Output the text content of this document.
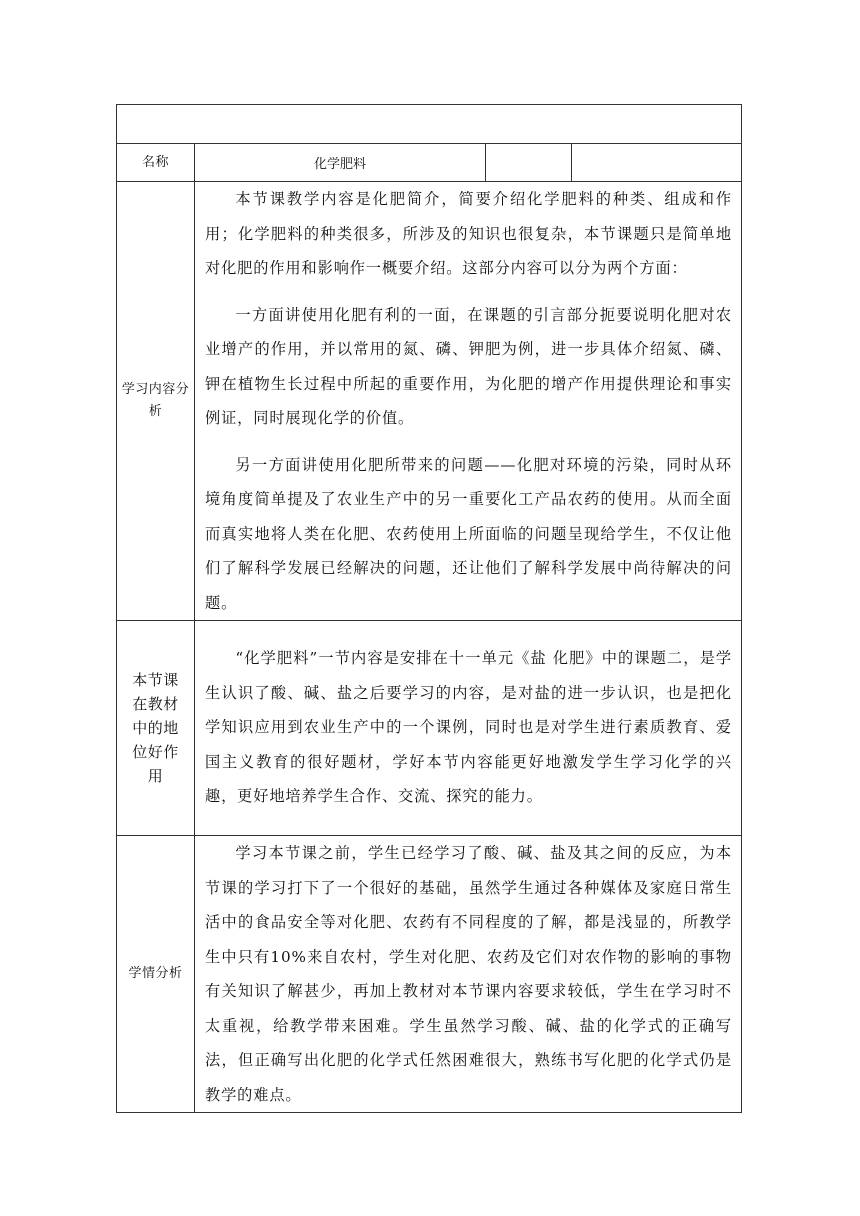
名称	化学肥料		
学习内容分析	本节课教学内容是化肥简介，简要介绍化学肥料的种类、组成和作用；化学肥料的种类很多，所涉及的知识也很复杂，本节课题只是简单地对化肥的作用和影响作一概要介绍。这部分内容可以分为两个方面：

一方面讲使用化肥有利的一面，在课题的引言部分扼要说明化肥对农业增产的作用，并以常用的氮、磷、钾肥为例，进一步具体介绍氮、磷、钾在植物生长过程中所起的重要作用，为化肥的增产作用提供理论和事实例证，同时展现化学的价值。

另一方面讲使用化肥所带来的问题——化肥对环境的污染，同时从环境角度简单提及了农业生产中的另一重要化工产品农药的使用。从而全面而真实地将人类在化肥、农药使用上所面临的问题呈现给学生，不仅让他们了解科学发展已经解决的问题，还让他们了解科学发展中尚待解决的问题。		

本节课在教材中的地位好作用	“化学肥料”一节内容是安排在十一单元《盐 化肥》中的课题二，是学生认识了酸、碱、盐之后要学习的内容，是对盐的进一步认识，也是把化学知识应用到农业生产中的一个课例，同时也是对学生进行素质教育、爱国主义教育的很好题材，学好本节内容能更好地激发学生学习化学的兴趣，更好地培养学生合作、交流、探究的能力。		

学情分析	学习本节课之前，学生已经学习了酸、碱、盐及其之间的反应，为本节课的学习打下了一个很好的基础，虽然学生通过各种媒体及家庭日常生活中的食品安全等对化肥、农药有不同程度的了解，都是浅显的，所教学生中只有10%来自农村，学生对化肥、农药及它们对农作物的影响的事物有关知识了解甚少，再加上教材对本节课内容要求较低，学生在学习时不太重视，给教学带来困难。学生虽然学习酸、碱、盐的化学式的正确写法，但正确写出化肥的化学式任然困难很大，熟练书写化肥的化学式仍是教学的难点。		
